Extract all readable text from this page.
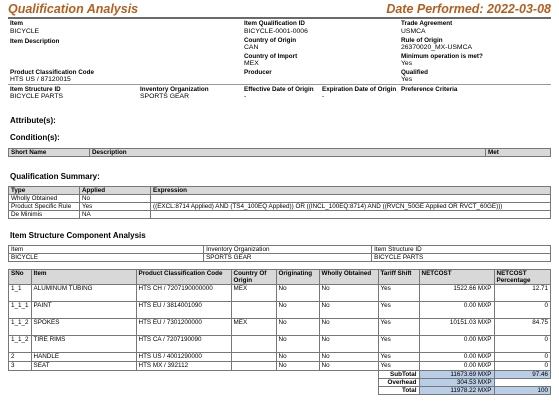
Qualification Analysis	Date Performed: 2022-03-08
Item
BICYCLE
Item Description
Item Qualification ID
BICYCLE-0001-0006
Country of Origin
CAN
Country of Import
MEX
Producer
Trade Agreement
USMCA
Rule of Origin
26370020_MX-USMCA
Minimum operation is met?
Yes
Qualified
Yes
Product Classification Code
HTS US / 87120015
Item Structure ID
BICYCLE PARTS
Inventory Organization
SPORTS GEAR
Effective Date of Origin
-
Expiration Date of Origin
-
Preference Criteria
Attribute(s):
Condition(s):
Short Name	Description	Met
Qualification Summary:
Type	Applied	Expression
Wholly Obtained	No	
Product Specific Rule	Yes	((EXCL:8714 Applied) AND (TS4_100EQ Applied)) OR ((INCL_100EQ:8714) AND ((RVCN_50GE Applied OR RVCT_60GE)))
De Minimis	NA	
Item Structure Component Analysis
Item	Inventory Organization	Item Structure ID
BICYCLE	SPORTS GEAR	BICYCLE PARTS
SNo	Item	Product Classification Code	Country Of Origin	Originating	Wholly Obtained	Tariff Shift	NETCOST	NETCOST Percentage
1_1	ALUMINUM TUBING	HTS CH / 7207190000000	MEX	No	No	Yes	1522.66 MXP	12.71
1_1_1	PAINT	HTS EU / 3814001090		No	No	Yes	0.00 MXP	0
1_1_2	SPOKES	HTS EU / 7301200000	MEX	No	No	Yes	10151.03 MXP	84.75
1_1_2	TIRE RIMS	HTS CA / 7207190090		No	No	Yes	0.00 MXP	0
2	HANDLE	HTS US / 4001290000		No	No	Yes	0.00 MXP	0
3	SEAT	HTS MX / 392112		No	No	Yes	0.00 MXP	0
						SubTotal	11673.69 MXP	97.46
						Overhead	304.53 MXP	
						Total	11978.22 MXP	100
